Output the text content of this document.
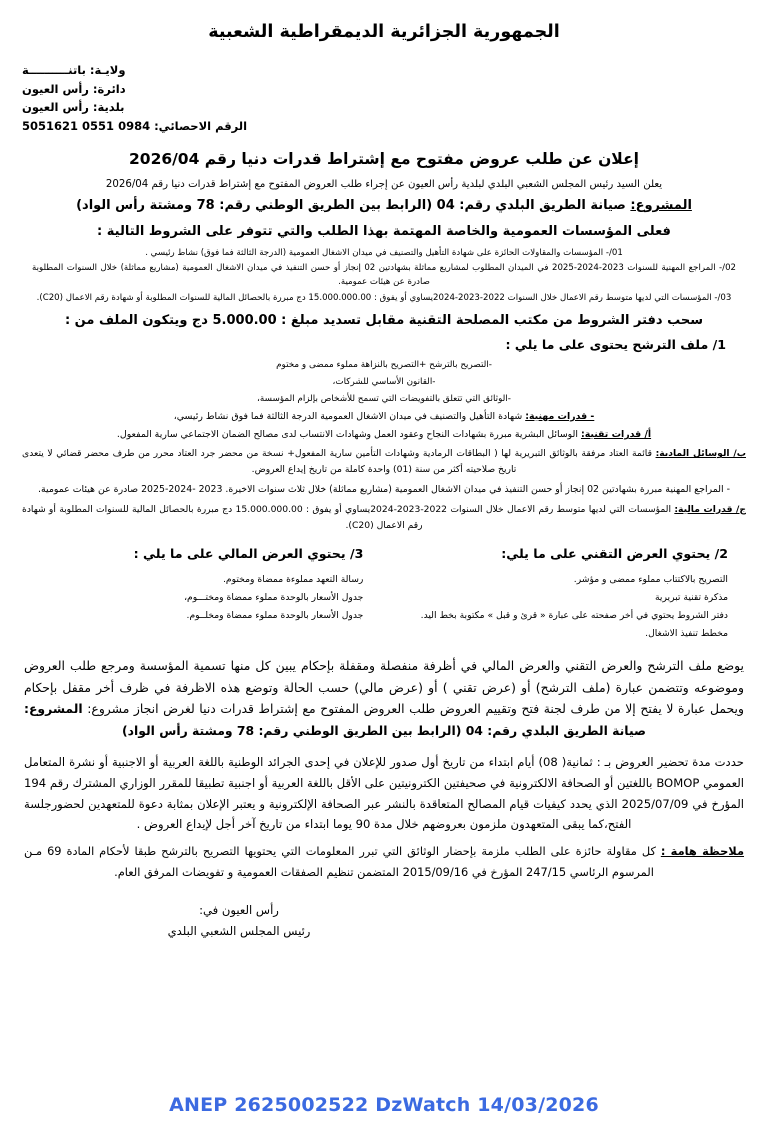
الجمهورية الجزائرية الديمقراطية الشعبية
ولايـة: باتنــــــــــة
دائرة: رأس العيون
بلدية: رأس العيون
الرقم الاحصائي: 0984 0551 5051621
إعلان عن طلب عروض مفتوح مع إشتراط قدرات دنيا رقم 2026/04
يعلن السيد رئيس المجلس الشعبي البلدي لبلدية رأس العيون عن إجراء طلب العروض المفتوح مع إشتراط قدرات دنيا رقم 2026/04
المشروع: صيانة الطريق البلدي رقم: 04 (الرابط بين الطريق الوطني رقم: 78 ومشتة رأس الواد)
فعلى المؤسسات العمومية والخاصة المهتمة بهذا الطلب والتي تتوفر على الشروط التالية :
01/- المؤسسات والمقاولات الحائزة على شهادة التأهيل والتصنيف في ميدان الاشغال العمومية (الدرجة الثالثة فما فوق) نشاط رئيسي .
02/- المراجع المهنية للسنوات 2023-2024-2025 في الميدان المطلوب لمشاريع مماثلة بشهادتين 02 إنجاز أو حسن التنفيذ في ميدان الاشغال العمومية (مشاريع مماثلة) خلال السنوات المطلوبة صادرة عن هيئات عمومية.
03/- المؤسسات التي لديها متوسط رقم الاعمال خلال السنوات 2022-2023-2024يساوي أو يفوق : 15.000.000.00 دج مبررة بالحصائل المالية للسنوات المطلوبة أو شهادة رقم الاعمال (C20).
سحب دفتر الشروط من مكتب المصلحة التقنية مقابل تسديد مبلغ : 5.000.00 دج ويتكون الملف من :
1/ ملف الترشح يحتوى على ما يلي :
-التصريح بالترشح +التصريح بالنزاهة مملوء ممضى و مختوم
-القانون الأساسي للشركات،
-الوثائق التي تتعلق بالتفويضات التي تسمح للأشخاص بإلزام المؤسسة،
- قدرات مهنية: شهادة التأهيل والتصنيف في ميدان الاشغال العمومية الدرجة الثالثة فما فوق نشاط رئيسي،
أ/ قدرات تقنية: الوسائل البشرية مبررة بشهادات النجاح وعقود العمل وشهادات الانتساب لدى مصالح الضمان الاجتماعي سارية المفعول.
ب/ الوسائل المادية: قائمة العتاد مرفقة بالوثائق التبريرية لها ( البطاقات الرمادية وشهادات التأمين سارية المفعول+ نسخة من محضر جرد العتاد محرر من طرف محضر قضائي لا يتعدى تاريخ صلاحيته أكثر من سنة (01) واحدة كاملة من تاريخ إيداع العروض.
- المراجع المهنية مبررة بشهادتين 02 إنجاز أو حسن التنفيذ في ميدان الاشغال العمومية (مشاريع مماثلة) خلال ثلاث سنوات الاخيرة. 2023 -2024-2025 صادرة عن هيئات عمومية.
ج/ قدرات مالية: المؤسسات التي لديها متوسط رقم الاعمال خلال السنوات 2022-2023-2024يساوي أو يفوق : 15.000.000.00 دج مبررة بالحصائل المالية للسنوات المطلوبة أو شهادة رقم الاعمال (C20).
2/ يحتوي العرض التقني على ما يلي:
التصريح بالاكتتاب مملوء ممضى و مؤشر.
مذكرة تقنية تبريرية
دفتر الشروط يحتوي في أخر صفحته على عبارة « قرئ و قبل » مكتوبة بخط اليد.
مخطط تنفيذ الاشغال.
3/ يحتوي العرض المالي على ما يلي :
رسالة التعهد مملوءة ممضاة ومختوم.
جدول الأسعار بالوحدة مملوء ممضاة ومختـــوم،
جدول الأسعار بالوحدة مملوء ممضاة ومخلــوم.
يوضع ملف الترشح والعرض التقني والعرض المالي في أظرفة منفصلة ومقفلة بإحكام يبين كل منها تسمية المؤسسة ومرجع طلب العروض وموضوعه وتتضمن عبارة (ملف الترشح) أو (عرض تقني ) أو (عرض مالي) حسب الحالة وتوضع هذه الاظرفة في ظرف أخر مقفل بإحكام ويحمل عبارة لا يفتح إلا من طرف لجنة فتح وتقييم العروض طلب العروض المفتوح مع إشتراط قدرات دنيا لغرض انجاز مشروع: المشروع: صيانة الطريق البلدي رقم: 04 (الرابط بين الطريق الوطني رقم: 78 ومشتة رأس الواد)
حددت مدة تحضير العروض بـ : ثمانية( 08) أيام ابتداء من تاريخ أول صدور للإعلان في إحدى الجرائد الوطنية باللغة العربية أو الاجنبية أو نشرة المتعامل العمومي BOMOP باللغتين أو الصحافة الالكترونية في صحيفتين الكترونيتين على الأقل باللغة العربية أو اجنبية تطبيقا للمقرر الوزاري المشترك رقم 194 المؤرخ في 2025/07/09 الذي يحدد كيفيات قيام المصالح المتعاقدة بالنشر عبر الصحافة الإلكترونية و يعتبر الإعلان بمثابة دعوة للمتعهدين لحضورجلسة الفتح،كما يبقى المتعهدون ملزمون بعروضهم خلال مدة 90 يوما ابتداء من تاريخ آخر أجل لإيداع العروض .
ملاحظة هامة : كل مقاولة حائزة على الطلب ملزمة بإحضار الوثائق التي تبرر المعلومات التي يحتويها التصريح بالترشح طبقا لأحكام المادة 69 مـن المرسوم الرئاسي 247/15 المؤرخ في 2015/09/16 المتضمن تنظيم الصفقات العمومية و تفويضات المرفق العام.
رأس العيون في:
رئيس المجلس الشعبي البلدي
ANEP 2625002522 DzWatch 14/03/2026
